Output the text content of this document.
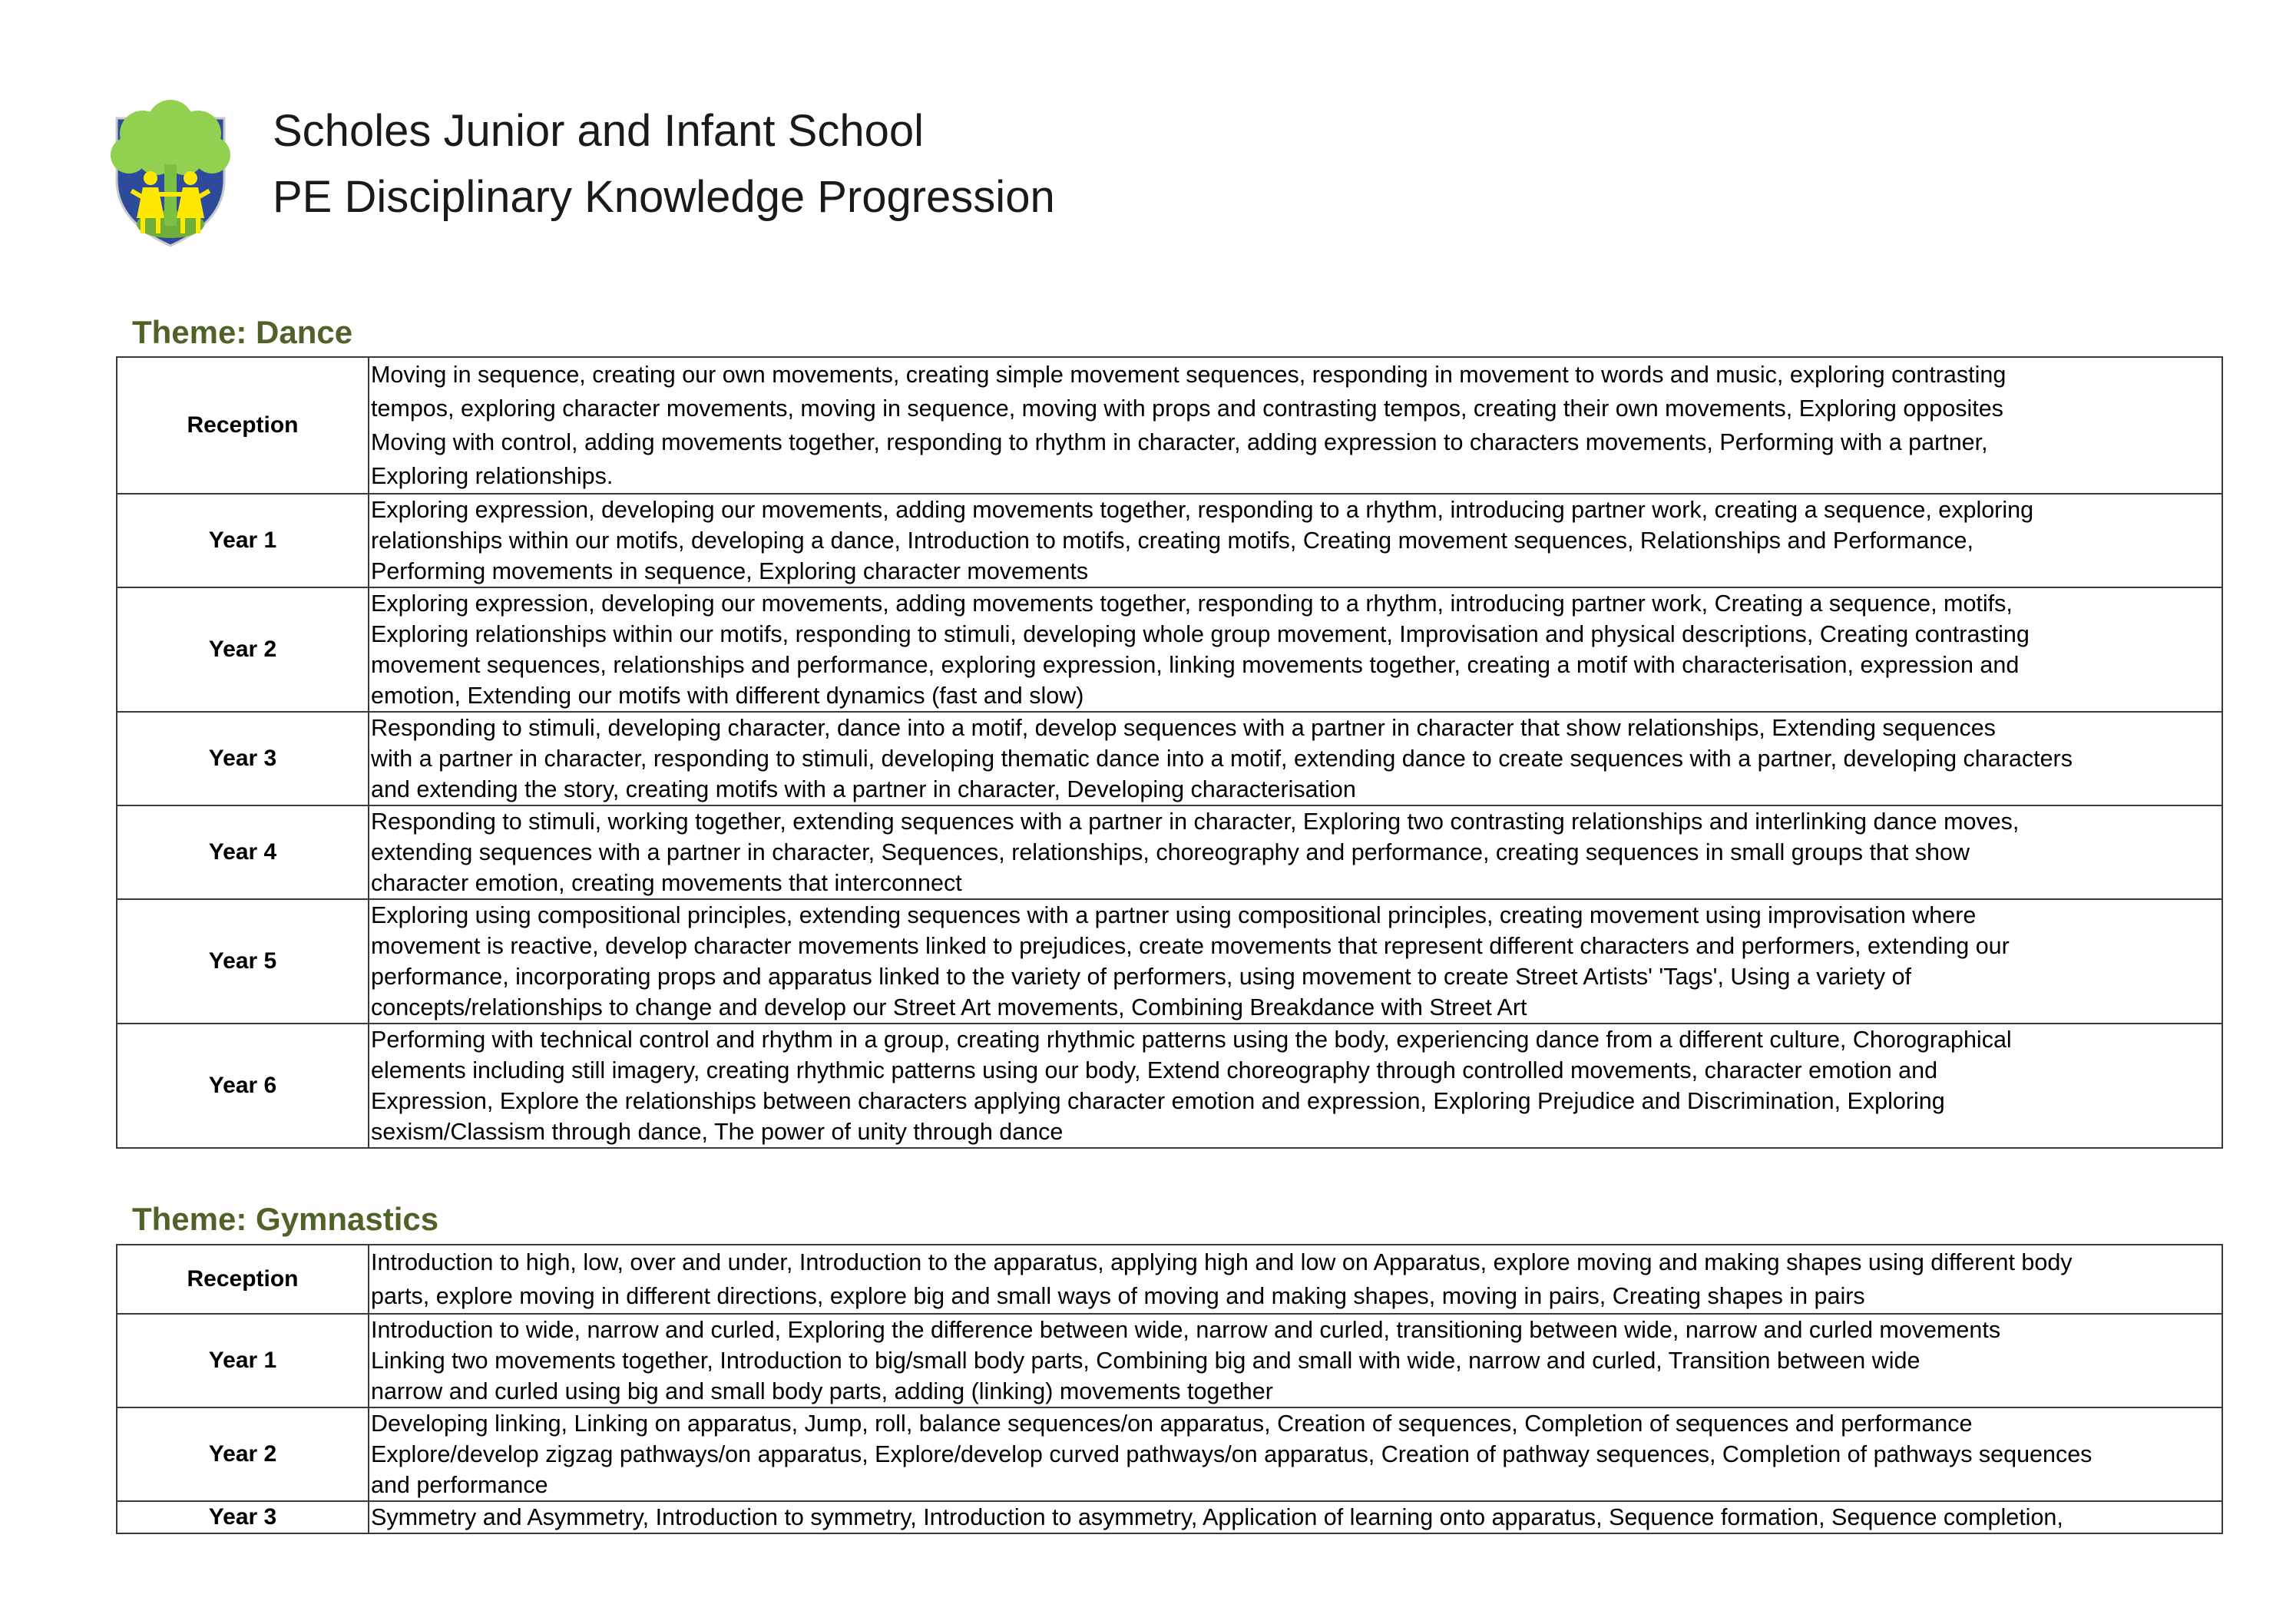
Scholes Junior and Infant School
PE Disciplinary Knowledge Progression
Theme: Dance
Reception	Moving in sequence, creating our own movements, creating simple movement sequences, responding in movement to words and music, exploring contrasting
tempos, exploring character movements, moving in sequence, moving with props and contrasting tempos, creating their own movements, Exploring opposites
Moving with control, adding movements together, responding to rhythm in character, adding expression to characters movements, Performing with a partner,
Exploring relationships.

Year 1	Exploring expression, developing our movements, adding movements together, responding to a rhythm, introducing partner work, creating a sequence, exploring
relationships within our motifs, developing a dance, Introduction to motifs, creating motifs, Creating movement sequences, Relationships and Performance,
Performing movements in sequence, Exploring character movements

Year 2	Exploring expression, developing our movements, adding movements together, responding to a rhythm, introducing partner work, Creating a sequence, motifs,
Exploring relationships within our motifs, responding to stimuli, developing whole group movement, Improvisation and physical descriptions, Creating contrasting
movement sequences, relationships and performance, exploring expression, linking movements together, creating a motif with characterisation, expression and
emotion, Extending our motifs with different dynamics (fast and slow)

Year 3	Responding to stimuli, developing character, dance into a motif, develop sequences with a partner in character that show relationships, Extending sequences
with a partner in character, responding to stimuli, developing thematic dance into a motif, extending dance to create sequences with a partner, developing characters
and extending the story, creating motifs with a partner in character, Developing characterisation

Year 4	Responding to stimuli, working together, extending sequences with a partner in character, Exploring two contrasting relationships and interlinking dance moves,
extending sequences with a partner in character, Sequences, relationships, choreography and performance, creating sequences in small groups that show
character emotion, creating movements that interconnect

Year 5	Exploring using compositional principles, extending sequences with a partner using compositional principles, creating movement using improvisation where
movement is reactive, develop character movements linked to prejudices, create movements that represent different characters and performers, extending our
performance, incorporating props and apparatus linked to the variety of performers, using movement to create Street Artists' 'Tags', Using a variety of
concepts/relationships to change and develop our Street Art movements, Combining Breakdance with Street Art

Year 6	Performing with technical control and rhythm in a group, creating rhythmic patterns using the body, experiencing dance from a different culture, Chorographical
elements including still imagery, creating rhythmic patterns using our body, Extend choreography through controlled movements, character emotion and
Expression, Explore the relationships between characters applying character emotion and expression, Exploring Prejudice and Discrimination, Exploring
sexism/Classism through dance, The power of unity through dance
Theme: Gymnastics
Reception	Introduction to high, low, over and under, Introduction to the apparatus, applying high and low on Apparatus, explore moving and making shapes using different body
parts, explore moving in different directions, explore big and small ways of moving and making shapes, moving in pairs, Creating shapes in pairs

Year 1	Introduction to wide, narrow and curled, Exploring the difference between wide, narrow and curled, transitioning between wide, narrow and curled movements
Linking two movements together, Introduction to big/small body parts, Combining big and small with wide, narrow and curled, Transition between wide
narrow and curled using big and small body parts, adding (linking) movements together

Year 2	Developing linking, Linking on apparatus, Jump, roll, balance sequences/on apparatus, Creation of sequences, Completion of sequences and performance
Explore/develop zigzag pathways/on apparatus, Explore/develop curved pathways/on apparatus, Creation of pathway sequences, Completion of pathways sequences
and performance

Year 3	Symmetry and Asymmetry, Introduction to symmetry, Introduction to asymmetry, Application of learning onto apparatus, Sequence formation, Sequence completion,
